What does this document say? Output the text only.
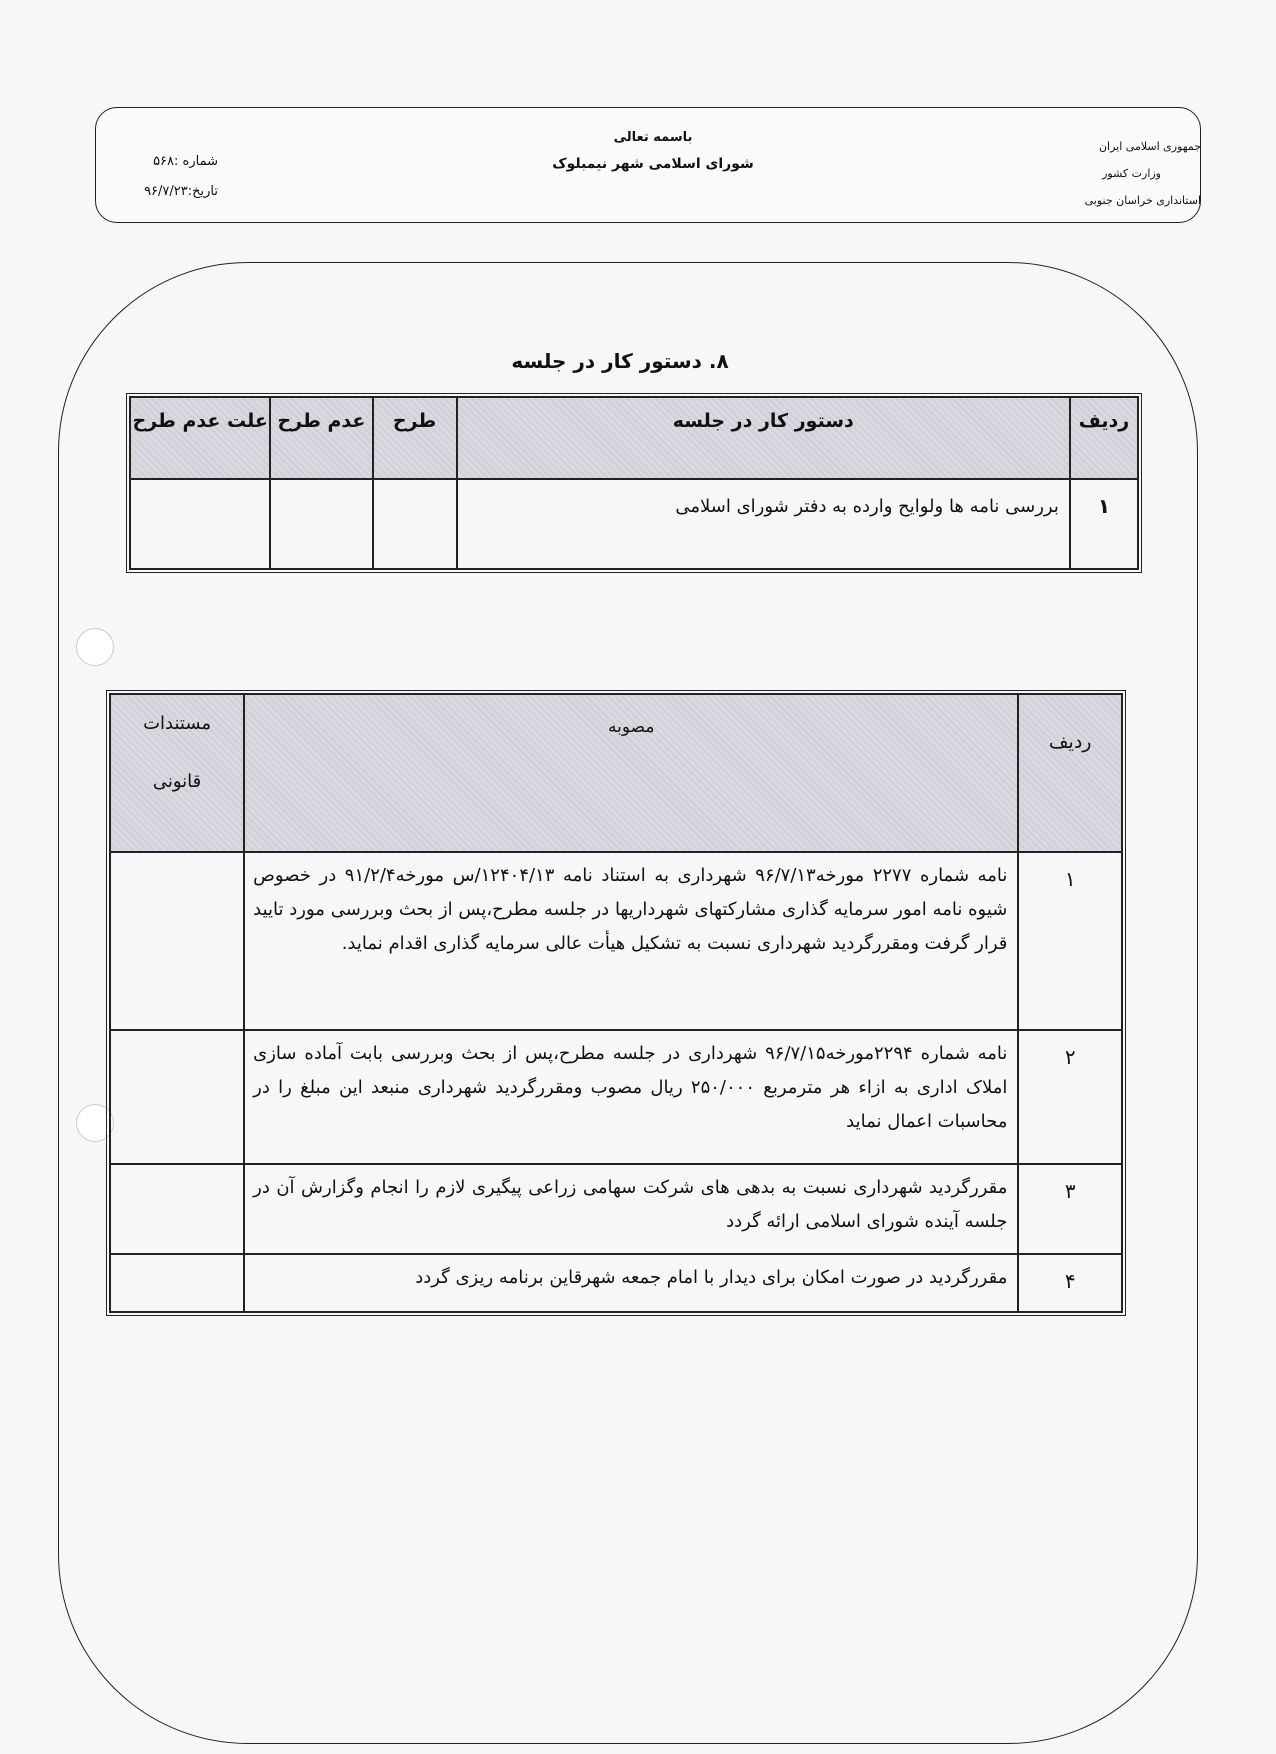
جمهوری اسلامی ایران
وزارت کشور
استانداری خراسان جنوبی
باسمه تعالی
شورای اسلامی شهر نیمبلوک
شماره :۵۶۸
تاریخ:۹۶/۷/۲۳
۸. دستور کار در جلسه
ردیف	دستور کار در جلسه	طرح	عدم طرح	علت عدم طرح
۱	بررسی نامه ها ولوایح وارده به دفتر شورای اسلامی			
ردیف	مصوبه	مستندات
قانونی

۱	نامه شماره ۲۲۷۷ مورخه۹۶/۷/۱۳ شهرداری به استناد نامه ۱۲۴۰۴/۱۳/س مورخه۹۱/۲/۴ در خصوص شیوه نامه امور سرمایه گذاری مشارکتهای شهرداریها در جلسه مطرح،پس از بحث وبررسی مورد تایید قرار گرفت ومقررگردید شهرداری نسبت به تشکیل هیأت عالی سرمایه گذاری اقدام نماید.	
۲	نامه شماره ۲۲۹۴مورخه۹۶/۷/۱۵ شهرداری در جلسه مطرح،پس از بحث وبررسی بابت آماده سازی املاک اداری به ازاء هر مترمربع ۲۵۰/۰۰۰ ریال مصوب ومقررگردید شهرداری منبعد این مبلغ را در محاسبات اعمال نماید	
۳	مقررگردید شهرداری نسبت به بدهی های شرکت سهامی زراعی پیگیری لازم را انجام وگزارش آن در جلسه آینده شورای اسلامی ارائه گردد	
۴	مقررگردید در صورت امکان برای دیدار با امام جمعه شهرقاین برنامه ریزی گردد	
